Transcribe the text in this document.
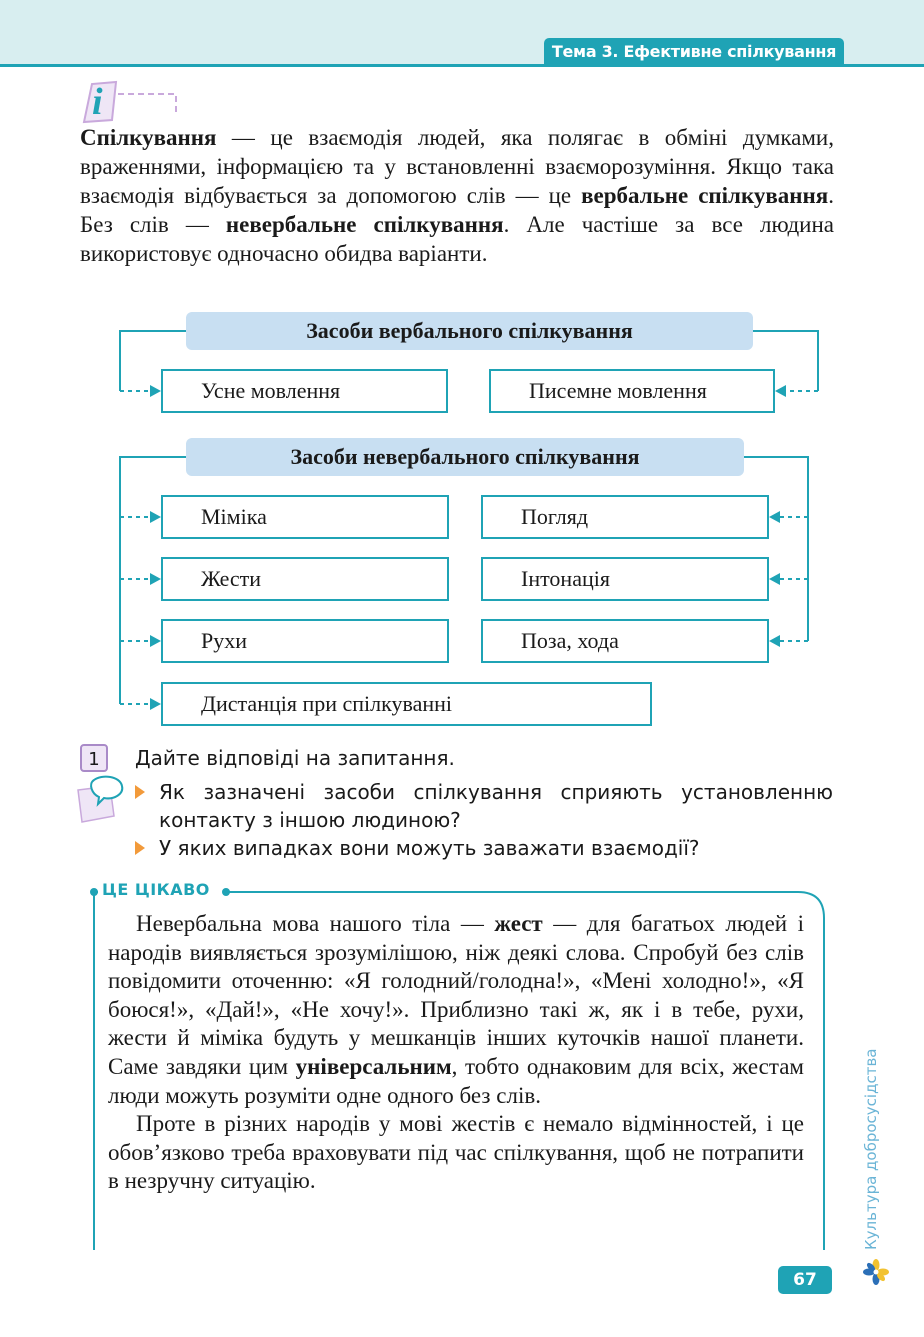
Тема 3. Ефективне спілкування
i
Спілкування — це взаємодія людей, яка полягає в обміні думками, враженнями, інформацією та у встановленні взаєморозуміння. Якщо така взаємодія відбувається за допомогою слів — це вербальне спілкування. Без слів — невербальне спілкування. Але частіше за все людина використовує одночасно обидва варіанти.
Засоби вербального спілкування
Усне мовлення	Писемне мовлення
Засоби невербального спілкування
Міміка
Жести
Рухи
Погляд
Інтонація
Поза, хода
Дистанція при спілкуванні
1	Дайте відповіді на запитання.
Як зазначені засоби спілкування сприяють установленню контакту з іншою людиною?
У яких випадках вони можуть заважати взаємодії?
ЦЕ ЦІКАВО

Невербальна мова нашого тіла — жест — для багатьох людей і народів виявляється зрозумілішою, ніж деякі слова. Спробуй без слів повідомити оточенню: «Я голодний/голодна!», «Мені холодно!», «Я боюся!», «Дай!», «Не хочу!». Приблизно такі ж, як і в тебе, рухи, жести й міміка будуть у мешканців інших куточків нашої планети. Саме завдяки цим універсальним, тобто однаковим для всіх, жестам люди можуть розуміти одне одного без слів.

Проте в різних народів у мові жестів є немало відмінностей, і це обов’язково треба враховувати під час спілкування, щоб не потрапити в незручну ситуацію.	Культура добросусідства
67
